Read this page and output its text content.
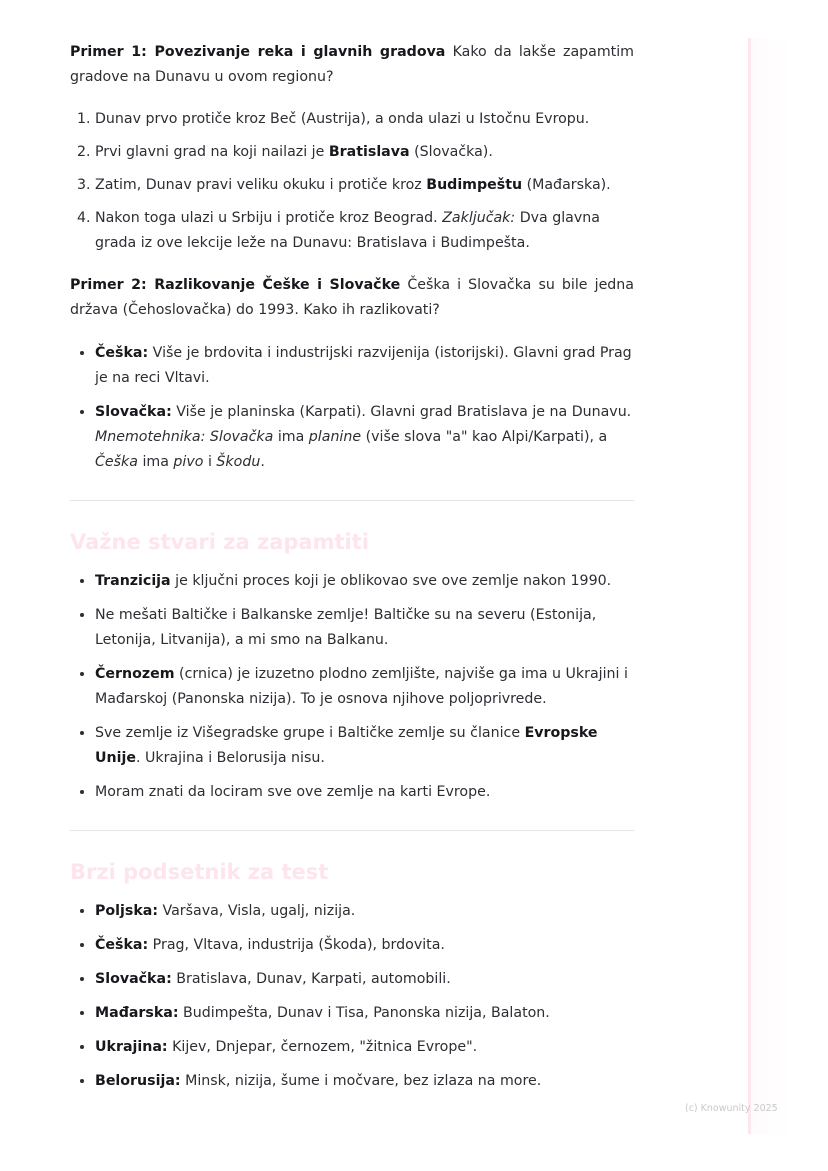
Primer 1: Povezivanje reka i glavnih gradova Kako da lakše zapamtim gradove na Dunavu u ovom regionu?

1. Dunav prvo protiče kroz Beč (Austrija), a onda ulazi u Istočnu Evropu.
2. Prvi glavni grad na koji nailazi je Bratislava (Slovačka).
3. Zatim, Dunav pravi veliku okuku i protiče kroz Budimpeštu (Mađarska).
4. Nakon toga ulazi u Srbiju i protiče kroz Beograd. Zaključak: Dva glavna grada iz ove lekcije leže na Dunavu: Bratislava i Budimpešta.

Primer 2: Razlikovanje Češke i Slovačke Češka i Slovačka su bile jedna država (Čehoslovačka) do 1993. Kako ih razlikovati?

• Češka: Više je brdovita i industrijski razvijenija (istorijski). Glavni grad Prag je na reci Vltavi.
• Slovačka: Više je planinska (Karpati). Glavni grad Bratislava je na Dunavu. Mnemotehnika: Slovačka ima planine (više slova "a" kao Alpi/Karpati), a Češka ima pivo i Škodu.
Važne stvari za zapamtiti
• Tranzicija je ključni proces koji je oblikovao sve ove zemlje nakon 1990.
• Ne mešati Baltičke i Balkanske zemlje! Baltičke su na severu (Estonija, Letonija, Litvanija), a mi smo na Balkanu.
• Černozem (crnica) je izuzetno plodno zemljište, najviše ga ima u Ukrajini i Mađarskoj (Panonska nizija). To je osnova njihove poljoprivrede.
• Sve zemlje iz Višegradske grupe i Baltičke zemlje su članice Evropske Unije. Ukrajina i Belorusija nisu.
• Moram znati da lociram sve ove zemlje na karti Evrope.
Brzi podsetnik za test
• Poljska: Varšava, Visla, ugalj, nizija.
• Češka: Prag, Vltava, industrija (Škoda), brdovita.
• Slovačka: Bratislava, Dunav, Karpati, automobili.
• Mađarska: Budimpešta, Dunav i Tisa, Panonska nizija, Balaton.
• Ukrajina: Kijev, Dnjepar, černozem, "žitnica Evrope".
• Belorusija: Minsk, nizija, šume i močvare, bez izlaza na more.
(c) Knowunity 2025
